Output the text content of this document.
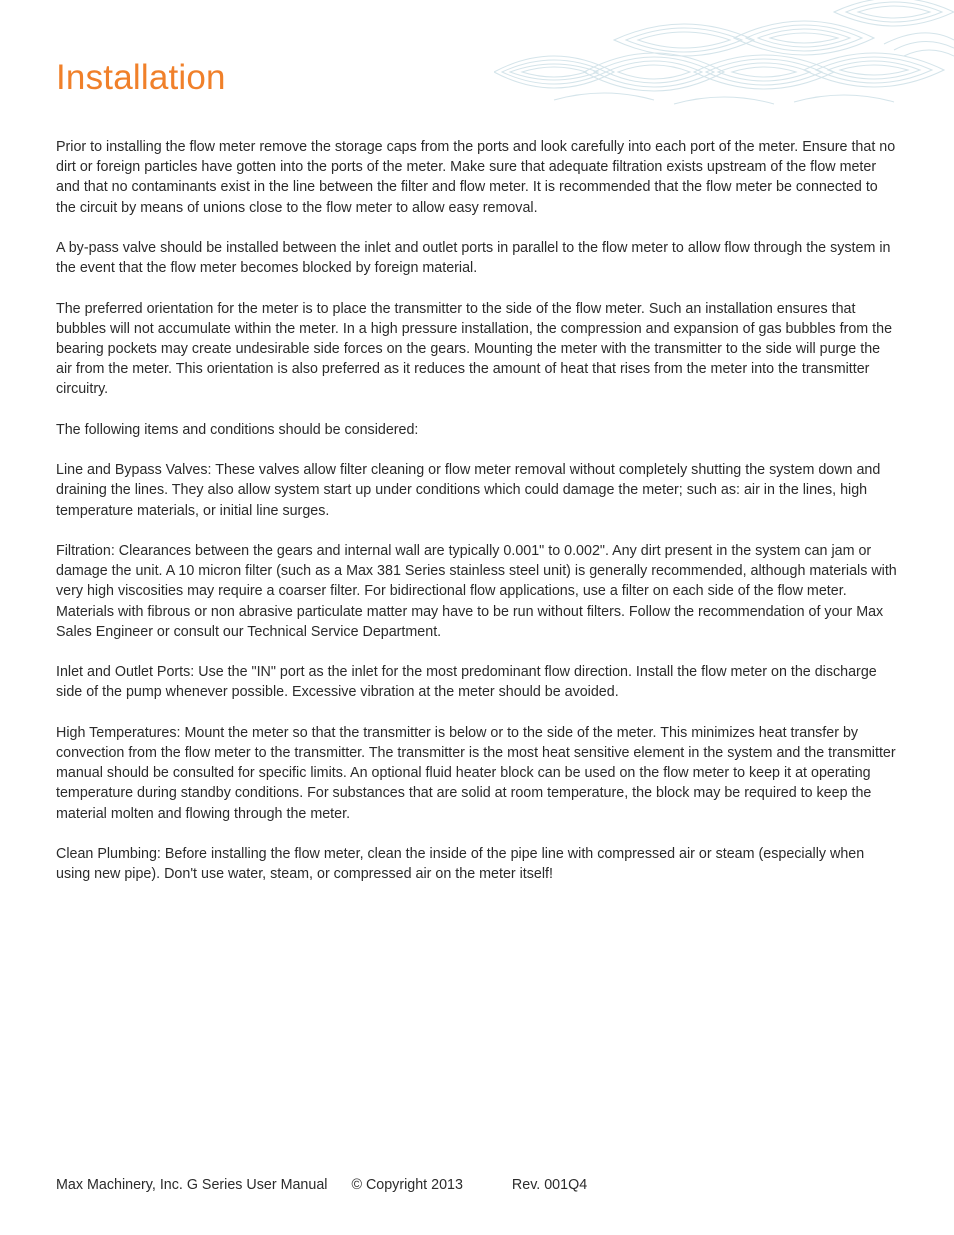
Installation

Prior to installing the flow meter remove the storage caps from the ports and look carefully into each port of the meter. Ensure that no dirt or foreign particles have gotten into the ports of the meter. Make sure that adequate filtration exists upstream of the flow meter and that no contaminants exist in the line between the filter and flow meter. It is recommended that the flow meter be connected to the circuit by means of unions close to the flow meter to allow easy removal.

A by-pass valve should be installed between the inlet and outlet ports in parallel to the flow meter to allow flow through the system in the event that the flow meter becomes blocked by foreign material.

The preferred orientation for the meter is to place the transmitter to the side of the flow meter. Such an installation ensures that bubbles will not accumulate within the meter. In a high pressure installation, the compression and expansion of gas bubbles from the bearing pockets may create undesirable side forces on the gears. Mounting the meter with the transmitter to the side will purge the air from the meter. This orientation is also preferred as it reduces the amount of heat that rises from the meter into the transmitter circuitry.

The following items and conditions should be considered:

Line and Bypass Valves: These valves allow filter cleaning or flow meter removal without completely shutting the system down and draining the lines. They also allow system start up under conditions which could damage the meter; such as: air in the lines, high temperature materials, or initial line surges.

Filtration: Clearances between the gears and internal wall are typically 0.001" to 0.002". Any dirt present in the system can jam or damage the unit. A 10 micron filter (such as a Max 381 Series stainless steel unit) is generally recommended, although materials with very high viscosities may require a coarser filter. For bidirectional flow applications, use a filter on each side of the flow meter. Materials with fibrous or non abrasive particulate matter may have to be run without filters. Follow the recommendation of your Max Sales Engineer or consult our Technical Service Department.

Inlet and Outlet Ports: Use the "IN" port as the inlet for the most predominant flow direction. Install the flow meter on the discharge side of the pump whenever possible. Excessive vibration at the meter should be avoided.

High Temperatures: Mount the meter so that the transmitter is below or to the side of the meter. This minimizes heat transfer by convection from the flow meter to the transmitter. The transmitter is the most heat sensitive element in the system and the transmitter manual should be consulted for specific limits. An optional fluid heater block can be used on the flow meter to keep it at operating temperature during standby conditions. For substances that are solid at room temperature, the block may be required to keep the material molten and flowing through the meter.

Clean Plumbing: Before installing the flow meter, clean the inside of the pipe line with compressed air or steam (especially when using new pipe). Don't use water, steam, or compressed air on the meter itself!

Max Machinery, Inc. G Series User Manual © Copyright 2013	Rev. 001Q4
